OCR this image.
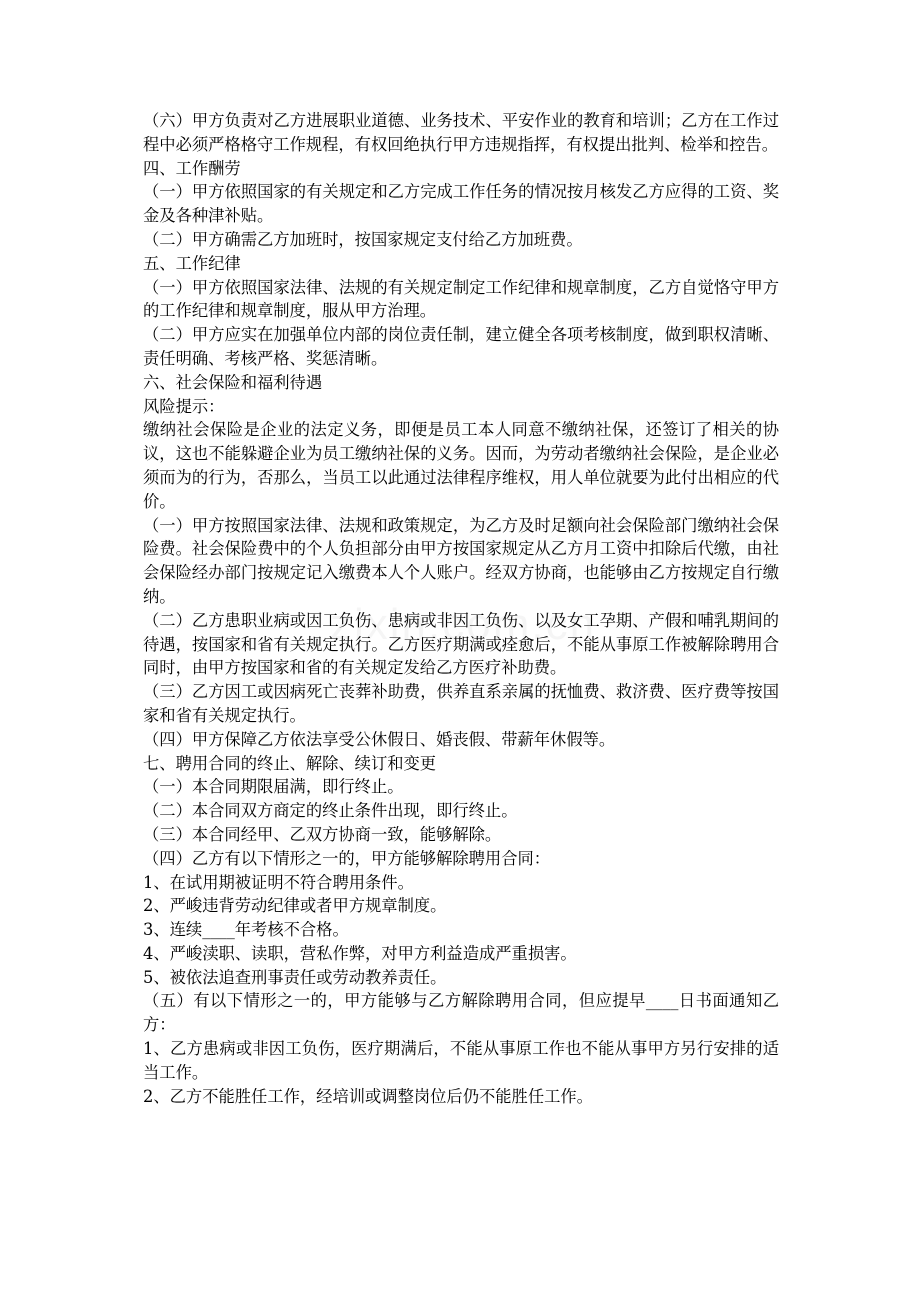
（六）甲方负责对乙方进展职业道德、业务技术、平安作业的教育和培训；乙方在工作过程中必须严格格守工作规程，有权回绝执行甲方违规指挥，有权提出批判、检举和控告。

四、工作酬劳

（一）甲方依照国家的有关规定和乙方完成工作任务的情况按月核发乙方应得的工资、奖金及各种津补贴。

（二）甲方确需乙方加班时，按国家规定支付给乙方加班费。

五、工作纪律

（一）甲方依照国家法律、法规的有关规定制定工作纪律和规章制度，乙方自觉恪守甲方的工作纪律和规章制度，服从甲方治理。

（二）甲方应实在加强单位内部的岗位责任制，建立健全各项考核制度，做到职权清晰、责任明确、考核严格、奖惩清晰。

六、社会保险和福利待遇

风险提示：

缴纳社会保险是企业的法定义务，即便是员工本人同意不缴纳社保，还签订了相关的协议，这也不能躲避企业为员工缴纳社保的义务。因而，为劳动者缴纳社会保险，是企业必须而为的行为，否那么，当员工以此通过法律程序维权，用人单位就要为此付出相应的代价。

（一）甲方按照国家法律、法规和政策规定，为乙方及时足额向社会保险部门缴纳社会保险费。社会保险费中的个人负担部分由甲方按国家规定从乙方月工资中扣除后代缴，由社会保险经办部门按规定记入缴费本人个人账户。经双方协商，也能够由乙方按规定自行缴纳。

（二）乙方患职业病或因工负伤、患病或非因工负伤、以及女工孕期、产假和哺乳期间的待遇，按国家和省有关规定执行。乙方医疗期满或痊愈后，不能从事原工作被解除聘用合同时，由甲方按国家和省的有关规定发给乙方医疗补助费。

（三）乙方因工或因病死亡丧葬补助费，供养直系亲属的抚恤费、救济费、医疗费等按国家和省有关规定执行。

（四）甲方保障乙方依法享受公休假日、婚丧假、带薪年休假等。

七、聘用合同的终止、解除、续订和变更

（一）本合同期限届满，即行终止。

（二）本合同双方商定的终止条件出现，即行终止。

（三）本合同经甲、乙双方协商一致，能够解除。

（四）乙方有以下情形之一的，甲方能够解除聘用合同：

1、在试用期被证明不符合聘用条件。

2、严峻违背劳动纪律或者甲方规章制度。

3、连续____年考核不合格。

4、严峻渎职、读职，营私作弊，对甲方利益造成严重损害。

5、被依法追查刑事责任或劳动教养责任。

（五）有以下情形之一的，甲方能够与乙方解除聘用合同，但应提早____日书面通知乙方：

1、乙方患病或非因工负伤，医疗期满后，不能从事原工作也不能从事甲方另行安排的适当工作。

2、乙方不能胜任工作，经培训或调整岗位后仍不能胜任工作。
